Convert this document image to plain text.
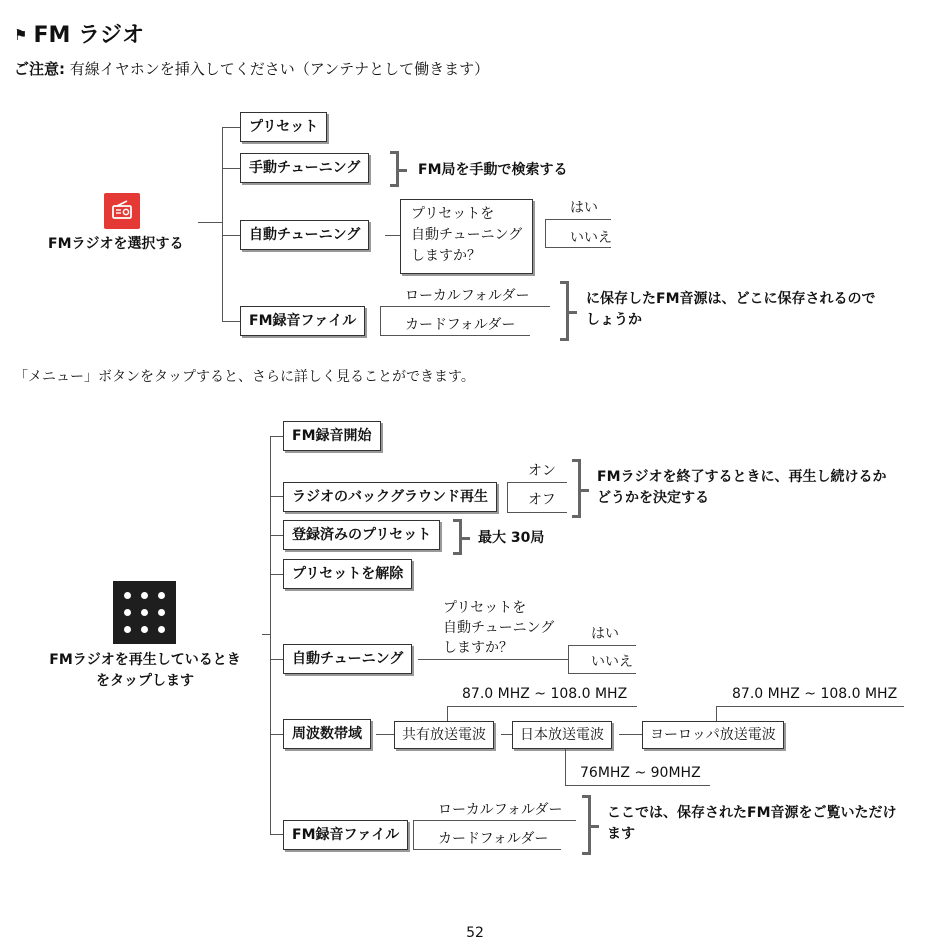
⚑ FM ラジオ
ご注意: 有線イヤホンを挿入してください（アンテナとして働きます）
FMラジオを選択する
プリセット
手動チューニング	FM局を手動で検索する
自動チューニング
プリセットを
自動チューニング
しますか？
はい
いいえ
FM録音ファイル
ローカルフォルダー
カードフォルダー
に保存したFM音源は、どこに保存されるので
しょうか
「メニュー」ボタンをタップすると、さらに詳しく見ることができます。
FMラジオを再生しているとき
をタップします
FM録音開始
ラジオのバックグラウンド再生
オン
オフ
FMラジオを終了するときに、再生し続けるか
どうかを決定する
登録済みのプリセット	最大 30局
プリセットを解除
自動チューニング
プリセットを
自動チューニング
しますか？
はい
いいえ
周波数帯域	共有放送電波
87.0 MHZ ~ 108.0 MHZ
日本放送電波
76MHZ ~ 90MHZ
ヨーロッパ放送電波
87.0 MHZ ~ 108.0 MHZ
FM録音ファイル
ローカルフォルダー
カードフォルダー
ここでは、保存されたFM音源をご覧いただけ
ます
52
